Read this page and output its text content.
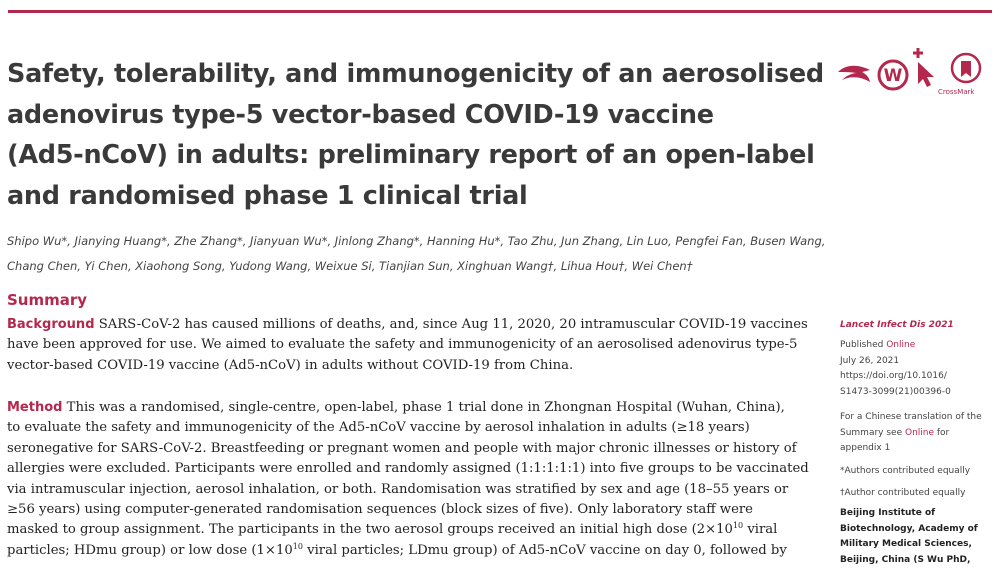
Safety, tolerability, and immunogenicity of an aerosolised
adenovirus type-5 vector-based COVID-19 vaccine
(Ad5-nCoV) in adults: preliminary report of an open-label
and randomised phase 1 clinical trial
W
CrossMark
Shipo Wu*, Jianying Huang*, Zhe Zhang*, Jianyuan Wu*, Jinlong Zhang*, Hanning Hu*, Tao Zhu, Jun Zhang, Lin Luo, Pengfei Fan, Busen Wang,
Chang Chen, Yi Chen, Xiaohong Song, Yudong Wang, Weixue Si, Tianjian Sun, Xinghuan Wang†, Lihua Hou†, Wei Chen†
Summary
Background SARS-CoV-2 has caused millions of deaths, and, since Aug 11, 2020, 20 intramuscular COVID-19 vaccines
have been approved for use. We aimed to evaluate the safety and immunogenicity of an aerosolised adenovirus type-5
vector-based COVID-19 vaccine (Ad5-nCoV) in adults without COVID-19 from China.
Method This was a randomised, single-centre, open-label, phase 1 trial done in Zhongnan Hospital (Wuhan, China),
to evaluate the safety and immunogenicity of the Ad5-nCoV vaccine by aerosol inhalation in adults (≥18 years)
seronegative for SARS-CoV-2. Breastfeeding or pregnant women and people with major chronic illnesses or history of
allergies were excluded. Participants were enrolled and randomly assigned (1:1:1:1:1) into five groups to be vaccinated
via intramuscular injection, aerosol inhalation, or both. Randomisation was stratified by sex and age (18–55 years or
≥56 years) using computer-generated randomisation sequences (block sizes of five). Only laboratory staff were
masked to group assignment. The participants in the two aerosol groups received an initial high dose ($2\times 10^{10}$ viral
particles; HDmu group) or low dose ($1\times 10^{10}$ viral particles; LDmu group) of Ad5-nCoV vaccine on day 0, followed by
Lancet Infect Dis 2021
Published Online
July 26, 2021
https://doi.org/10.1016/
S1473-3099(21)00396-0
For a Chinese translation of the
Summary see Online for
appendix 1
*Authors contributed equally
†Author contributed equally
Beijing Institute of
Biotechnology, Academy of
Military Medical Sciences,
Beijing, China (S Wu PhD,
